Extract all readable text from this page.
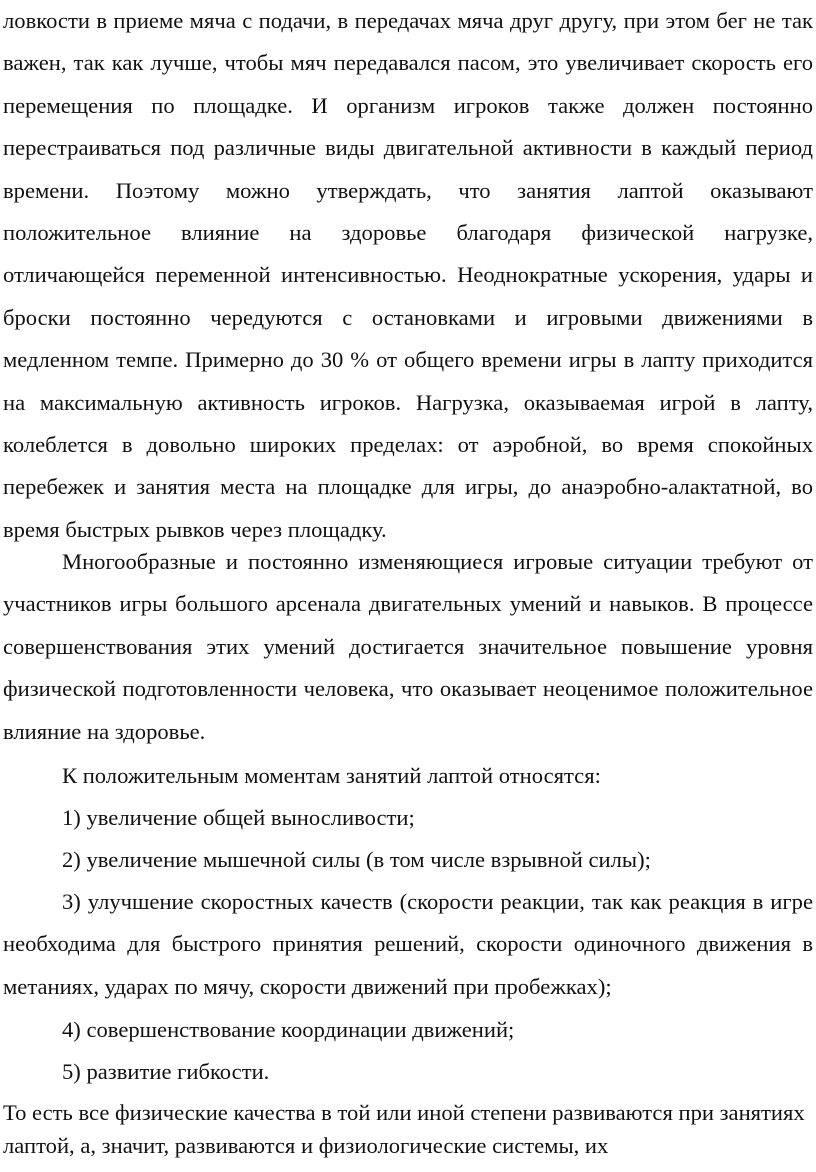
ловкости в приеме мяча с подачи, в передачах мяча друг другу, при этом бег не так важен, так как лучше, чтобы мяч передавался пасом, это увеличивает скорость его перемещения по площадке. И организм игроков также должен постоянно перестраиваться под различные виды двигательной активности в каждый период времени. Поэтому можно утверждать, что занятия лаптой оказывают положительное влияние на здоровье благодаря физической нагрузке, отличающейся переменной интенсивностью. Неоднократные ускорения, удары и броски постоянно чередуются с остановками и игровыми движениями в медленном темпе. Примерно до 30 % от общего времени игры в лапту приходится на максимальную активность игроков. Нагрузка, оказываемая игрой в лапту, колеблется в довольно широких пределах: от аэробной, во время спокойных перебежек и занятия места на площадке для игры, до анаэробно-алактатной, во время быстрых рывков через площадку.

Многообразные и постоянно изменяющиеся игровые ситуации требуют от участников игры большого арсенала двигательных умений и навыков. В процессе совершенствования этих умений достигается значительное повышение уровня физической подготовленности человека, что оказывает неоценимое положительное влияние на здоровье.

К положительным моментам занятий лаптой относятся:

1) увеличение общей выносливости;

2) увеличение мышечной силы (в том числе взрывной силы);

3) улучшение скоростных качеств (скорости реакции, так как реакция в игре необходима для быстрого принятия решений, скорости одиночного движения в метаниях, ударах по мячу, скорости движений при пробежках);

4) совершенствование координации движений;

5) развитие гибкости.

То есть все физические качества в той или иной степени развиваются при занятиях лаптой, а, значит, развиваются и физиологические системы, их
